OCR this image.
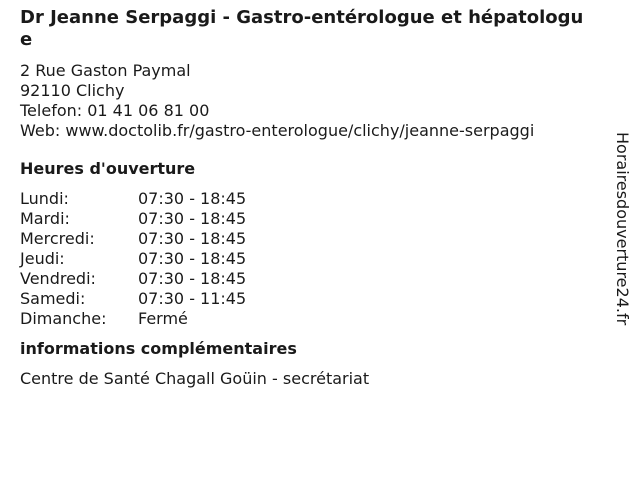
Dr Jeanne Serpaggi - Gastro-entérologue et hépatologue
2 Rue Gaston Paymal
92110 Clichy
Telefon: 01 41 06 81 00
Web: www.doctolib.fr/gastro-enterologue/clichy/jeanne-serpaggi
Heures d'ouverture
Lundi:	07:30 - 18:45
Mardi:	07:30 - 18:45
Mercredi:	07:30 - 18:45
Jeudi:	07:30 - 18:45
Vendredi:	07:30 - 18:45
Samedi:	07:30 - 11:45
Dimanche:	Fermé
informations complémentaires
Centre de Santé Chagall Goüin - secrétariat
Horairesdouverture24.fr
